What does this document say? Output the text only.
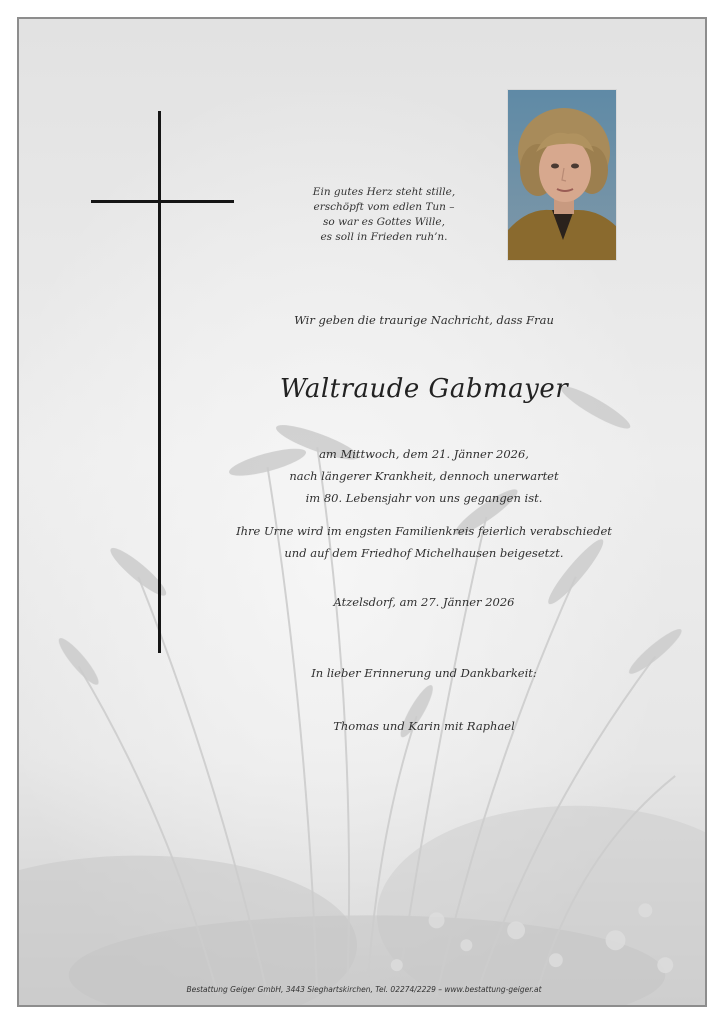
Ein gutes Herz steht stille,
erschöpft vom edlen Tun –
so war es Gottes Wille,
es soll in Frieden ruh’n.
Wir geben die traurige Nachricht, dass Frau
Waltraude Gabmayer
am Mittwoch, dem 21. Jänner 2026,
nach längerer Krankheit, dennoch unerwartet
im 80. Lebensjahr von uns gegangen ist.
Ihre Urne wird im engsten Familienkreis feierlich verabschiedet
und auf dem Friedhof Michelhausen beigesetzt.
Atzelsdorf, am 27. Jänner 2026
In lieber Erinnerung und Dankbarkeit:
Thomas und Karin mit Raphael
Bestattung Geiger GmbH, 3443 Sieghartskirchen, Tel. 02274/2229 – www.bestattung-geiger.at
